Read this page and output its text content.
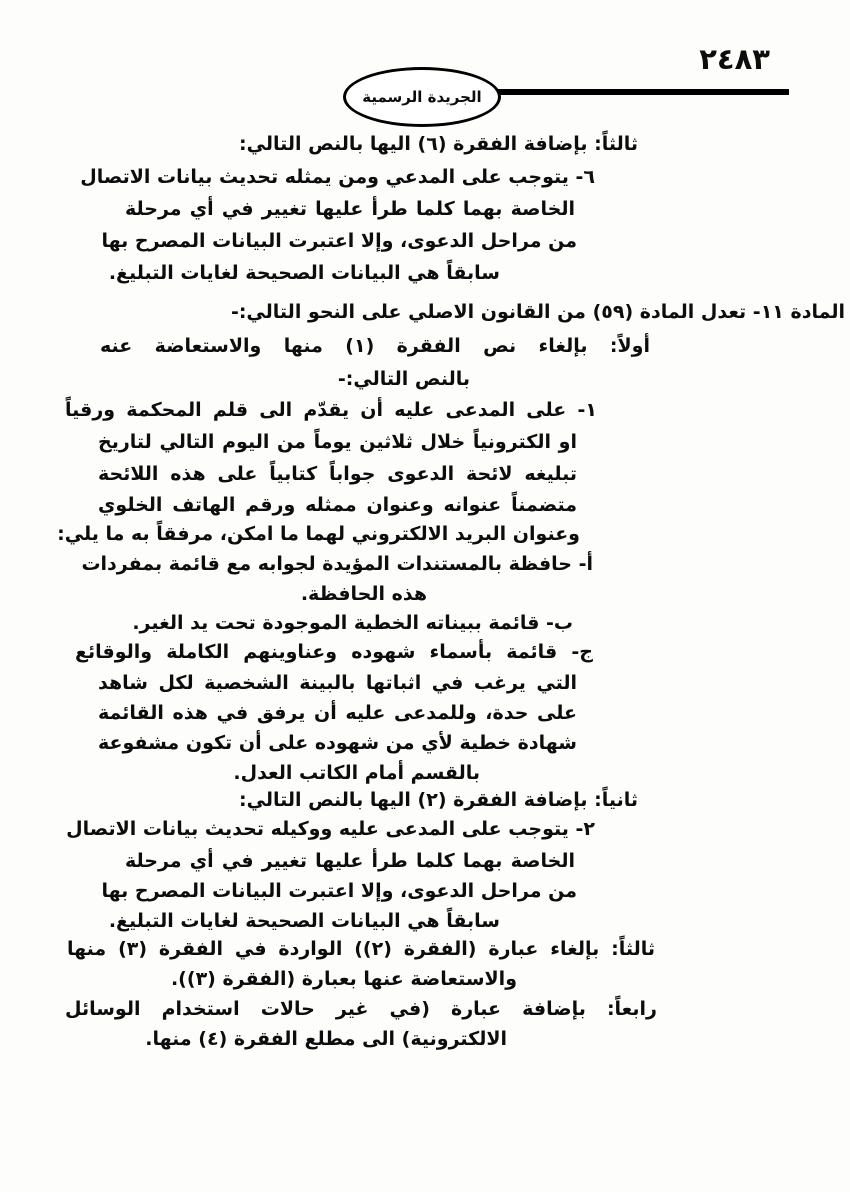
٢٤٨٣
الجريدة الرسمية
ثالثاً: بإضافة الفقرة (٦) اليها بالنص التالي:
٦- يتوجب على المدعي ومن يمثله تحديث بيانات الاتصال
الخاصة بهما كلما طرأ عليها تغيير في أي مرحلة
من مراحل الدعوى، وإلا اعتبرت البيانات المصرح بها
سابقاً هي البيانات الصحيحة لغايات التبليغ.
المادة ١١- تعدل المادة (٥٩) من القانون الاصلي على النحو التالي:-
أولاً: بإلغاء نص الفقرة (١) منها والاستعاضة عنه
بالنص التالي:-
١- على المدعى عليه أن يقدّم الى قلم المحكمة ورقياً
او الكترونياً خلال ثلاثين يوماً من اليوم التالي لتاريخ
تبليغه لائحة الدعوى جواباً كتابياً على هذه اللائحة
متضمناً عنوانه وعنوان ممثله ورقم الهاتف الخلوي
وعنوان البريد الالكتروني لهما ما امكن، مرفقاً به ما يلي:
أ- حافظة بالمستندات المؤيدة لجوابه مع قائمة بمفردات
هذه الحافظة.
ب- قائمة ببيناته الخطية الموجودة تحت يد الغير.
ج- قائمة بأسماء شهوده وعناوينهم الكاملة والوقائع
التي يرغب في اثباتها بالبينة الشخصية لكل شاهد
على حدة، وللمدعى عليه أن يرفق في هذه القائمة
شهادة خطية لأي من شهوده على أن تكون مشفوعة
بالقسم أمام الكاتب العدل.
ثانياً: بإضافة الفقرة (٢) اليها بالنص التالي:
٢- يتوجب على المدعى عليه ووكيله تحديث بيانات الاتصال
الخاصة بهما كلما طرأ عليها تغيير في أي مرحلة
من مراحل الدعوى، وإلا اعتبرت البيانات المصرح بها
سابقاً هي البيانات الصحيحة لغايات التبليغ.
ثالثاً: بإلغاء عبارة (الفقرة (٢)) الواردة في الفقرة (٣) منها
والاستعاضة عنها بعبارة (الفقرة (٣)).
رابعاً: بإضافة عبارة (في غير حالات استخدام الوسائل
الالكترونية) الى مطلع الفقرة (٤) منها.
